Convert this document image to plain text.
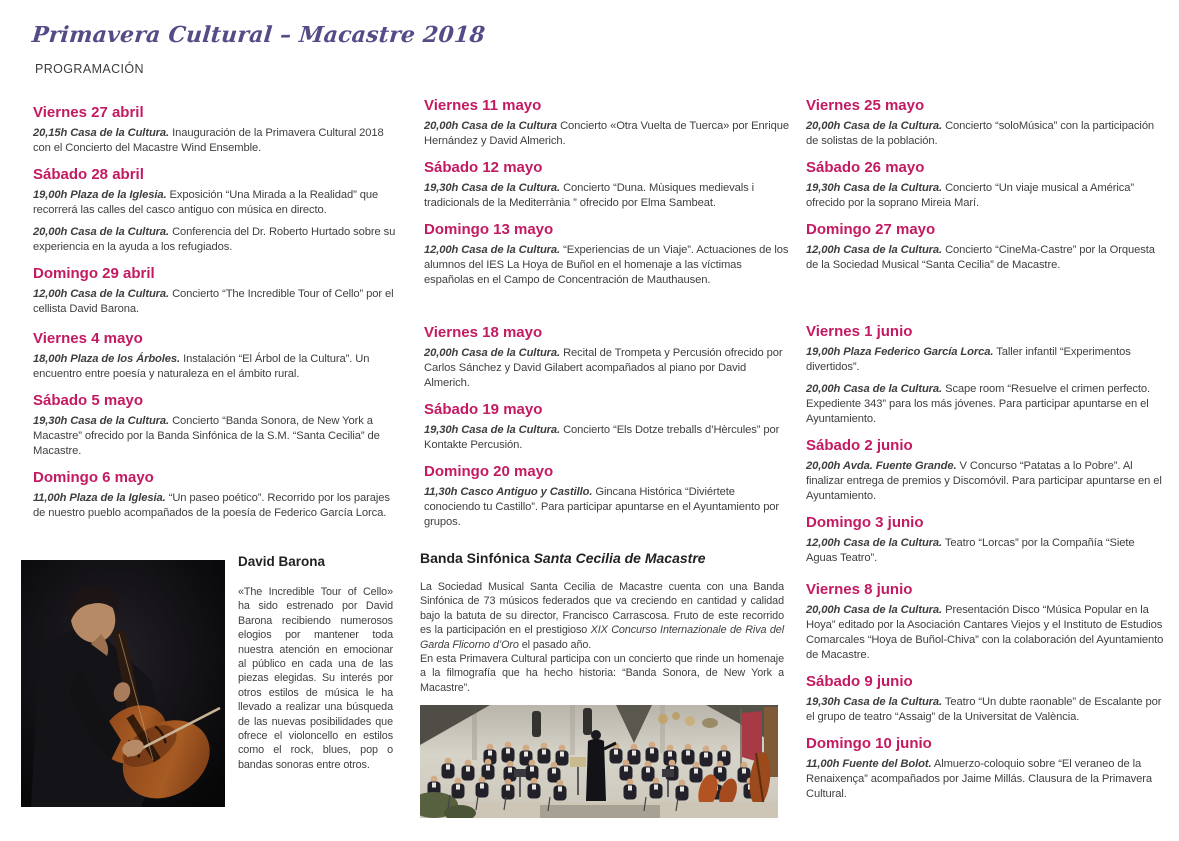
Primavera Cultural – Macastre 2018
PROGRAMACIÓN
Viernes 27 abril

20,15h Casa de la Cultura. Inauguración de la Primavera Cultural 2018 con el Concierto del Macastre Wind Ensemble.

Sábado 28 abril

19,00h Plaza de la Iglesia. Exposición “Una Mirada a la Realidad” que recorrerá las calles del casco antiguo con música en directo.

20,00h Casa de la Cultura. Conferencia del Dr. Roberto Hurtado sobre su experiencia en la ayuda a los refugiados.

Domingo 29 abril

12,00h Casa de la Cultura. Concierto “The Incredible Tour of Cello” por el cellista David Barona.

Viernes 4 mayo

18,00h Plaza de los Árboles. Instalación “El Árbol de la Cultura”. Un encuentro entre poesía y naturaleza en el ámbito rural.

Sábado 5 mayo

19,30h Casa de la Cultura. Concierto “Banda Sonora, de New York a Macastre” ofrecido por la Banda Sinfónica de la S.M. “Santa Cecilia” de Macastre.

Domingo 6 mayo

11,00h Plaza de la Iglesia. “Un paseo poético”. Recorrido por los parajes de nuestro pueblo acompañados de la poesía de Federico García Lorca.

Viernes 11 mayo

20,00h Casa de la Cultura Concierto «Otra Vuelta de Tuerca» por Enrique Hernández y David Almerich.

Sábado 12 mayo

19,30h Casa de la Cultura. Concierto “Duna. Mùsiques medievals i tradicionals de la Mediterrània ” ofrecido por Elma Sambeat.

Domingo 13 mayo

12,00h Casa de la Cultura. “Experiencias de un Viaje”. Actuaciones de los alumnos del IES La Hoya de Buñol en el homenaje a las víctimas españolas en el Campo de Concentración de Mauthausen.

Viernes 18 mayo

20,00h Casa de la Cultura. Recital de Trompeta y Percusión ofrecido por Carlos Sánchez y David Gilabert acompañados al piano por David Almerich.

Sábado 19 mayo

19,30h Casa de la Cultura. Concierto “Els Dotze treballs d’Hèrcules” por Kontakte Percusión.

Domingo 20 mayo

11,30h Casco Antiguo y Castillo. Gincana Histórica “Diviértete conociendo tu Castillo”. Para participar apuntarse en el Ayuntamiento por grupos.

Viernes 25 mayo

20,00h Casa de la Cultura. Concierto “soloMúsica” con la participación de solistas de la población.

Sábado 26 mayo

19,30h Casa de la Cultura. Concierto “Un viaje musical a América” ofrecido por la soprano Mireia Marí.

Domingo 27 mayo

12,00h Casa de la Cultura. Concierto “CineMa-Castre” por la Orquesta de la Sociedad Musical “Santa Cecilia” de Macastre.

Viernes 1 junio

19,00h Plaza Federico García Lorca. Taller infantil “Experimentos divertidos”.

20,00h Casa de la Cultura. Scape room “Resuelve el crimen perfecto. Expediente 343” para los más jóvenes. Para participar apuntarse en el Ayuntamiento.

Sábado 2 junio

20,00h Avda. Fuente Grande. V Concurso “Patatas a lo Pobre”. Al finalizar entrega de premios y Discomóvil. Para participar apuntarse en el Ayuntamiento.

Domingo 3 junio

12,00h Casa de la Cultura. Teatro “Lorcas” por la Compañía “Siete Aguas Teatro”.

Viernes 8 junio

20,00h Casa de la Cultura. Presentación Disco “Música Popular en la Hoya” editado por la Asociación Cantares Viejos y el Instituto de Estudios Comarcales “Hoya de Buñol-Chiva” con la colaboración del Ayuntamiento de Macastre.

Sábado 9 junio

19,30h Casa de la Cultura. Teatro “Un dubte raonable” de Escalante por el grupo de teatro “Assaig” de la Universitat de València.

Domingo 10 junio

11,00h Fuente del Bolot. Almuerzo-coloquio sobre “El veraneo de la Renaixença” acompañados por Jaime Millás. Clausura de la Primavera Cultural.

David Barona

«The Incredible Tour of Cello» ha sido estrenado por David Barona recibiendo numerosos elogios por mantener toda nuestra atención en emocionar al público en cada una de las piezas elegidas. Su interés por otros estilos de música le ha llevado a realizar una búsqueda de las nuevas posibilidades que ofrece el violoncello en estilos como el rock, blues, pop o bandas sonoras entre otros.

Banda Sinfónica Santa Cecilia de Macastre

La Sociedad Musical Santa Cecilia de Macastre cuenta con una Banda Sinfónica de 73 músicos federados que va creciendo en cantidad y calidad bajo la batuta de su director, Francisco Carrascosa. Fruto de este recorrido es la participación en el prestigioso XIX Concurso Internazionale de Riva del Garda Flicorno d’Oro el pasado año.

En esta Primavera Cultural participa con un concierto que rinde un homenaje a la filmografía que ha hecho historia: “Banda Sonora, de New York a Macastre”.
